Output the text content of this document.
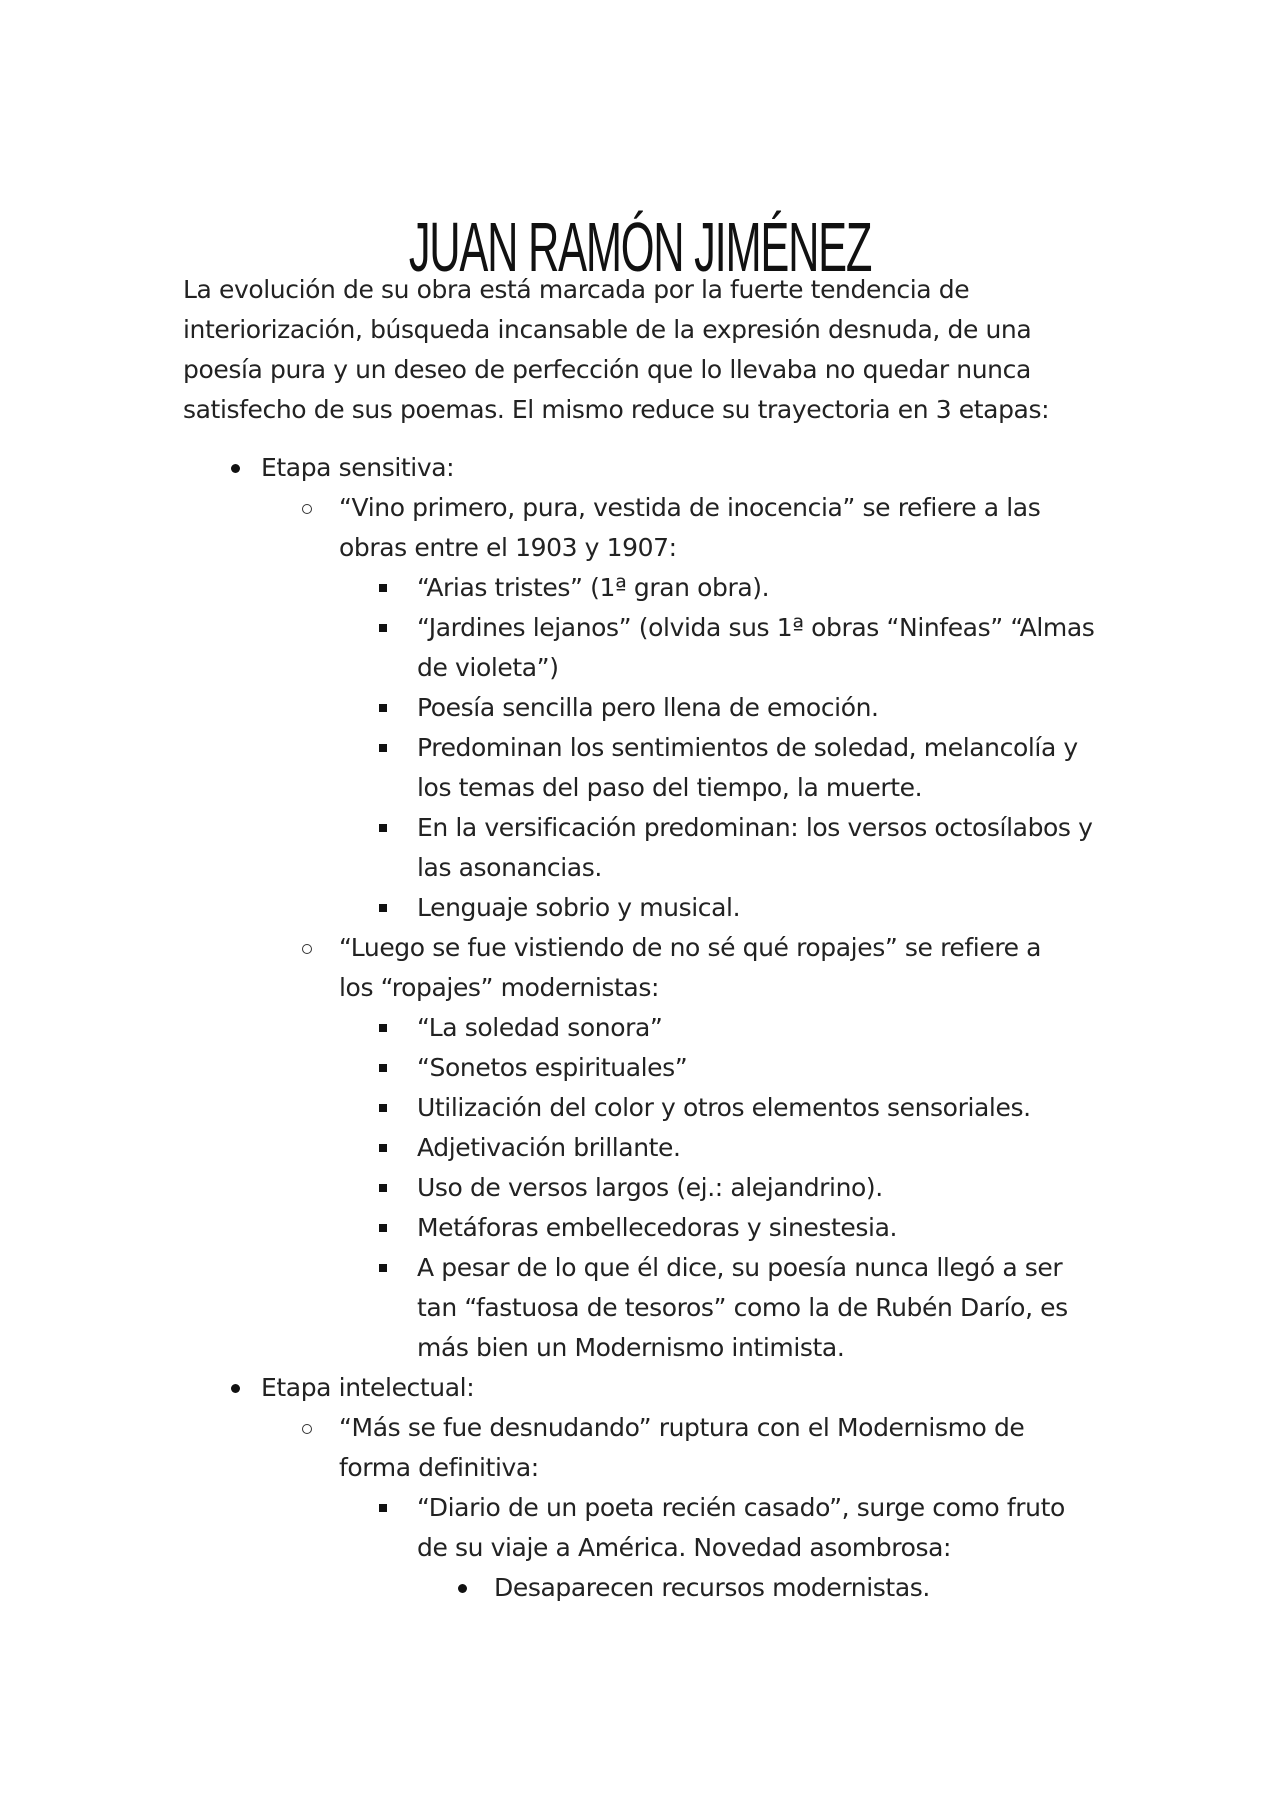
JUAN RAMÓN JIMÉNEZ

La evolución de su obra está marcada por la fuerte tendencia de interiorización, búsqueda incansable de la expresión desnuda, de una poesía pura y un deseo de perfección que lo llevaba no quedar nunca satisfecho de sus poemas. El mismo reduce su trayectoria en 3 etapas:

Etapa sensitiva:
“Vino primero, pura, vestida de inocencia” se refiere a las obras entre el 1903 y 1907:
“Arias tristes” (1ª gran obra).
“Jardines lejanos” (olvida sus 1ª obras “Ninfeas” “Almas de violeta”)
Poesía sencilla pero llena de emoción.
Predominan los sentimientos de soledad, melancolía y los temas del paso del tiempo, la muerte.
En la versificación predominan: los versos octosílabos y las asonancias.
Lenguaje sobrio y musical.
“Luego se fue vistiendo de no sé qué ropajes” se refiere a los “ropajes” modernistas:
“La soledad sonora”
“Sonetos espirituales”
Utilización del color y otros elementos sensoriales.
Adjetivación brillante.
Uso de versos largos (ej.: alejandrino).
Metáforas embellecedoras y sinestesia.
A pesar de lo que él dice, su poesía nunca llegó a ser tan “fastuosa de tesoros” como la de Rubén Darío, es más bien un Modernismo intimista.
Etapa intelectual:
“Más se fue desnudando” ruptura con el Modernismo de forma definitiva:
“Diario de un poeta recién casado”, surge como fruto de su viaje a América. Novedad asombrosa:
Desaparecen recursos modernistas.
